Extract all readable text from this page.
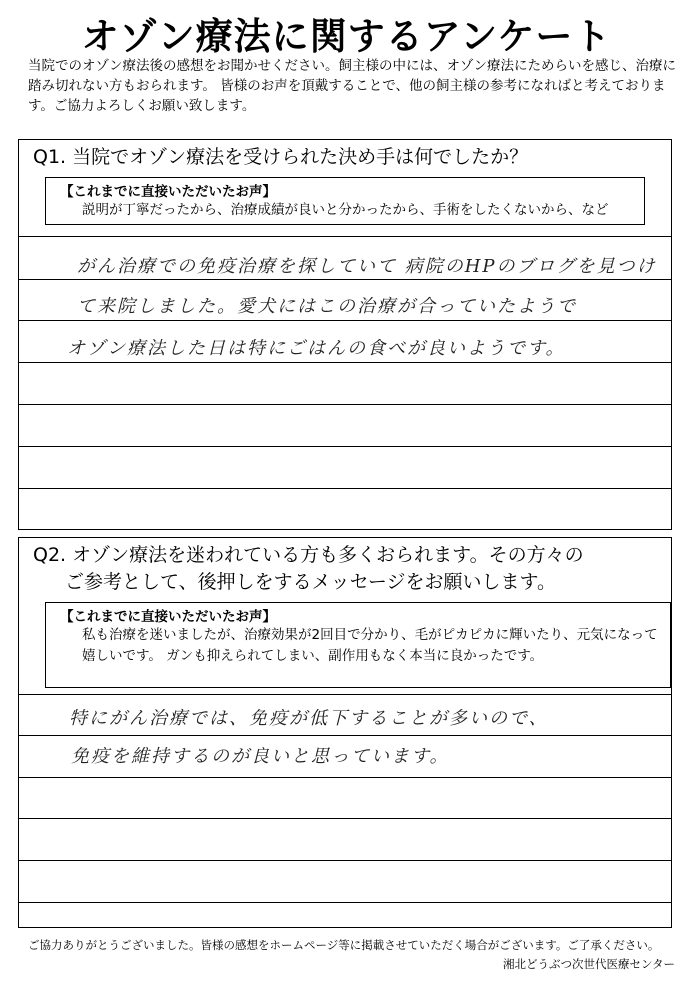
オゾン療法に関するアンケート
当院でのオゾン療法後の感想をお聞かせください。飼主様の中には、オゾン療法にためらいを感じ、治療に踏み切れない方もおられます。 皆様のお声を頂戴することで、他の飼主様の参考になればと考えております。ご協力よろしくお願い致します。
Q1. 当院でオゾン療法を受けられた決め手は何でしたか？
【これまでに直接いただいたお声】
説明が丁寧だったから、治療成績が良いと分かったから、手術をしたくないから、など
がん治療での免疫治療を探していて 病院のHPのブログを見つけ
て来院しました。愛犬にはこの治療が合っていたようで
オゾン療法した日は特にごはんの食べが良いようです。
Q2. オゾン療法を迷われている方も多くおられます。その方々の
ご参考として、後押しをするメッセージをお願いします。
【これまでに直接いただいたお声】
私も治療を迷いましたが、治療効果が2回目で分かり、毛がピカピカに輝いたり、元気になって嬉しいです。 ガンも抑えられてしまい、副作用もなく本当に良かったです。
特にがん治療では、免疫が低下することが多いので、
免疫を維持するのが良いと思っています。
ご協力ありがとうございました。皆様の感想をホームページ等に掲載させていただく場合がございます。ご了承ください。
湘北どうぶつ次世代医療センター
